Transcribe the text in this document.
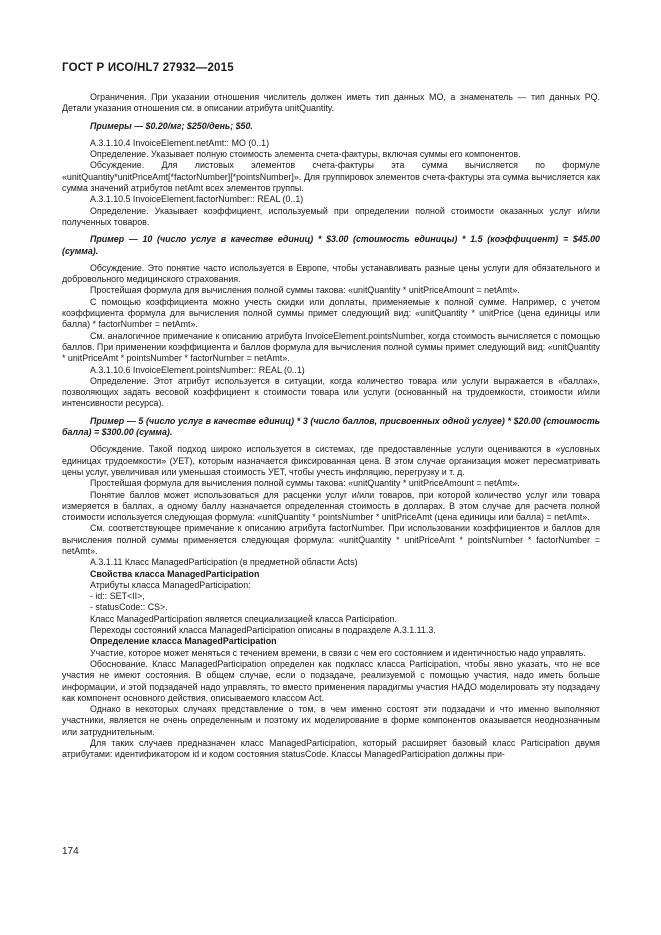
ГОСТ Р ИСО/HL7 27932—2015

Ограничения. При указании отношения числитель должен иметь тип данных MO, а знаменатель — тип данных PQ. Детали указания отношения см. в описании атрибута unitQuantity.

Примеры — $0.20/мг; $250/день; $50.

А.3.1.10.4 InvoiceElement.netAmt:: MO (0..1)

Определение. Указывает полную стоимость элемента счета-фактуры, включая суммы его компонентов.

Обсуждение. Для листовых элементов счета-фактуры эта сумма вычисляется по формуле «unitQuantity*unitPriceAmt[*factorNumber][*pointsNumber]». Для группировок элементов счета-фактуры эта сумма вычисляется как сумма значений атрибутов netAmt всех элементов группы.

А.3.1.10.5 InvoiceElement.factorNumber:: REAL (0..1)

Определение. Указывает коэффициент, используемый при определении полной стоимости оказанных услуг и/или полученных товаров.

Пример — 10 (число услуг в качестве единиц) * $3.00 (стоимость единицы) * 1.5 (коэффициент) = $45.00 (сумма).

Обсуждение. Это понятие часто используется в Европе, чтобы устанавливать разные цены услуги для обязательного и добровольного медицинского страхования.

Простейшая формула для вычисления полной суммы такова: «unitQuantity * unitPriceAmount = netAmt».

С помощью коэффициента можно учесть скидки или доплаты, применяемые к полной сумме. Например, с учетом коэффициента формула для вычисления полной суммы примет следующий вид: «unitQuantity * unitPrice (цена единицы или балла) * factorNumber = netAmt».

См. аналогичное примечание к описанию атрибута InvoiceElement.pointsNumber, когда стоимость вычисляется с помощью баллов. При применении коэффициента и баллов формула для вычисления полной суммы примет следующий вид: «unitQuantity * unitPriceAmt * pointsNumber * factorNumber = netAmt».

А.3.1.10.6 InvoiceElement.pointsNumber:: REAL (0..1)

Определение. Этот атрибут используется в ситуации, когда количество товара или услуги выражается в «баллах», позволяющих задать весовой коэффициент к стоимости товара или услуги (основанный на трудоемкости, стоимости и/или интенсивности ресурса).

Пример — 5 (число услуг в качестве единиц) * 3 (число баллов, присвоенных одной услуге) * $20.00 (стоимость балла) = $300.00 (сумма).

Обсуждение. Такой подход широко используется в системах, где предоставленные услуги оцениваются в «условных единицах трудоемкости» (УЕТ), которым назначается фиксированная цена. В этом случае организация может пересматривать цены услуг, увеличивая или уменьшая стоимость УЕТ, чтобы учесть инфляцию, перегрузку и т. д.

Простейшая формула для вычисления полной суммы такова: «unitQuantity * unitPriceAmount = netAmt».

Понятие баллов может использоваться для расценки услуг и/или товаров, при которой количество услуг или товара измеряется в баллах, а одному баллу назначается определенная стоимость в долларах. В этом случае для расчета полной стоимости используется следующая формула: «unitQuantity * pointsNumber * unitPriceAmt (цена единицы или балла) = netAmt».

См. соответствующее примечание к описанию атрибута factorNumber. При использовании коэффициентов и баллов для вычисления полной суммы применяется следующая формула: «unitQuantity * unitPriceAmt * pointsNumber * factorNumber = netAmt».

А.3.1.11 Класс ManagedParticipation (в предметной области Acts)

Свойства класса ManagedParticipation

Атрибуты класса ManagedParticipation:

- id:: SET<II>,

- statusCode:: CS>.

Класс ManagedParticipation является специализацией класса Participation.

Переходы состояний класса ManagedParticipation описаны в подразделе А.3.1.11.3.

Определение класса ManagedParticipation

Участие, которое может меняться с течением времени, в связи с чем его состоянием и идентичностью надо управлять.

Обоснование. Класс ManagedParticipation определен как подкласс класса Participation, чтобы явно указать, что не все участия не имеют состояния. В общем случае, если о подзадаче, реализуемой с помощью участия, надо иметь больше информации, и этой подзадачей надо управлять, то вместо применения парадигмы участия НАДО моделировать эту подзадачу как компонент основного действия, описываемого классом Act.

Однако в некоторых случаях представление о том, в чем именно состоят эти подзадачи и что именно выполняют участники, является не очень определенным и поэтому их моделирование в форме компонентов оказывается неоднозначным или затруднительным.

Для таких случаев предназначен класс ManagedParticipation, который расширяет базовый класс Participation двумя атрибутами: идентификатором id и кодом состояния statusCode. Классы ManagedParticipation должны при-

174
